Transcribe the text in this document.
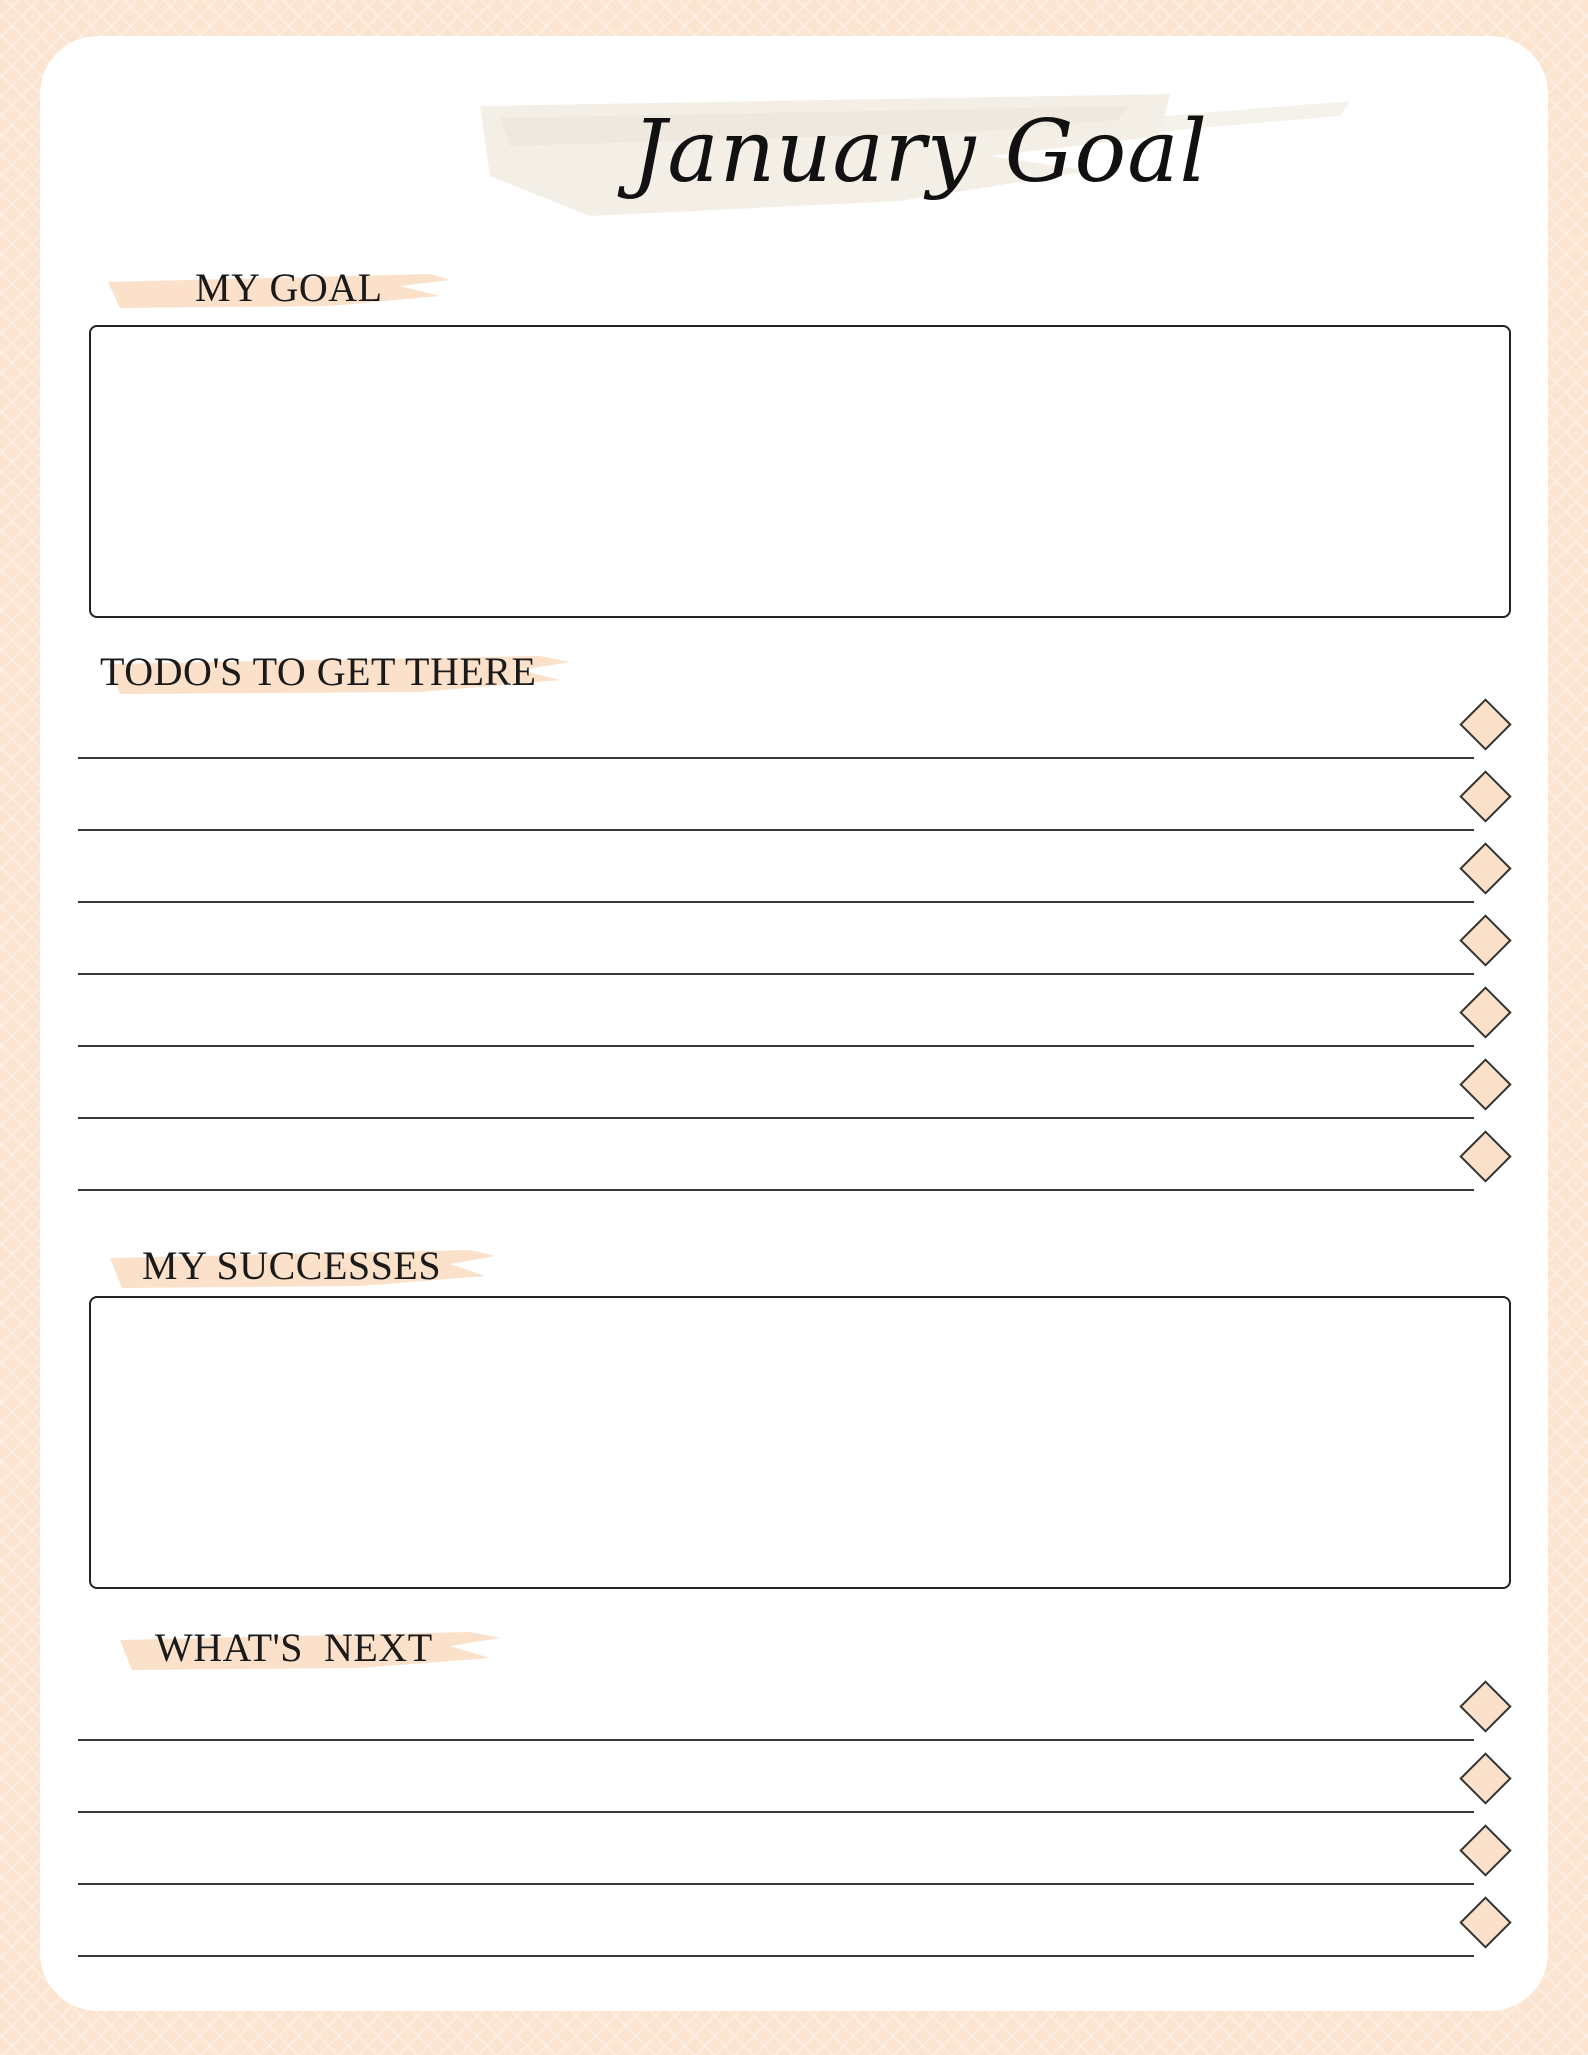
January Goal
MY GOAL
TODO'S TO GET THERE
MY SUCCESSES
WHAT'S  NEXT
